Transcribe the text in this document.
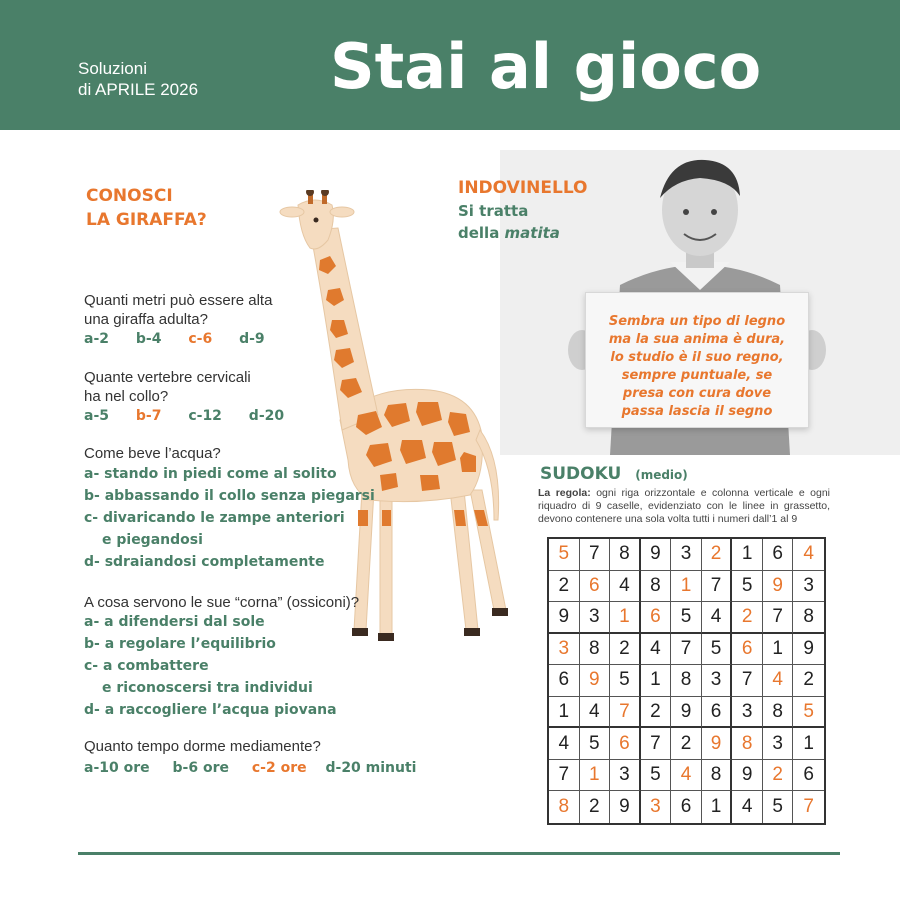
Soluzioni
di APRILE 2026 Stai al gioco
CONOSCI
LA GIRAFFA?
Quanti metri può essere alta
una giraffa adulta?
a-2 b-4 c-6 d-9
Quante vertebre cervicali
ha nel collo?
a-5 b-7 c-12 d-20
Come beve l’acqua?
a- stando in piedi come al solito
b- abbassando il collo senza piegarsi
c- divaricando le zampe anteriori
e piegandosi
d- sdraiandosi completamente
A cosa servono le sue “corna” (ossiconi)?
a- a difendersi dal sole
b- a regolare l’equilibrio
c- a combattere
e riconoscersi tra individui
d- a raccogliere l’acqua piovana
Quanto tempo dorme mediamente?
a-10 ore b-6 ore c-2 ore d-20 minuti
Sembra un tipo di legno
ma la sua anima è dura,
lo studio è il suo regno,
sempre puntuale, se
presa con cura dove
passa lascia il segno
INDOVINELLO
Si tratta
della matita
SUDOKU (medio)
La regola: ogni riga orizzontale e colonna verticale e ogni riquadro di 9 caselle, evidenziato con le linee in grassetto, devono contenere una sola volta tutti i numeri dall’1 al 9
5	7	8	9	3	2	1	6	4
2	6	4	8	1	7	5	9	3
9	3	1	6	5	4	2	7	8
3	8	2	4	7	5	6	1	9
6	9	5	1	8	3	7	4	2
1	4	7	2	9	6	3	8	5
4	5	6	7	2	9	8	3	1
7	1	3	5	4	8	9	2	6
8	2	9	3	6	1	4	5	7
